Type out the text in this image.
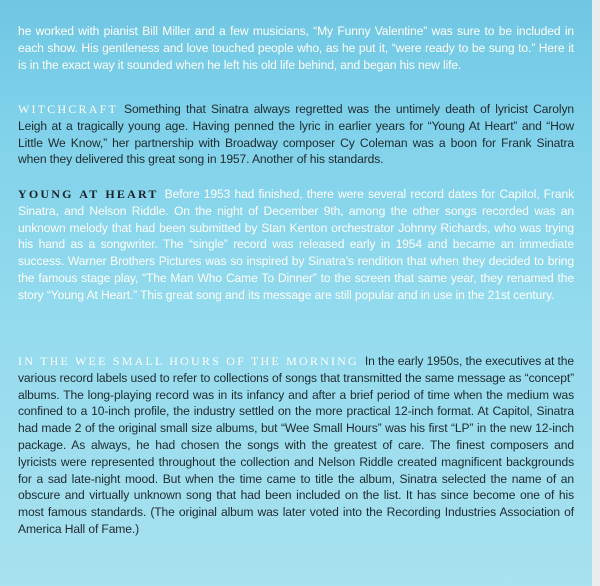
he worked with pianist Bill Miller and a few musicians, “My Funny Valentine” was sure to be included in each show. His gentleness and love touched people who, as he put it, “were ready to be sung to.” Here it is in the exact way it sounded when he left his old life behind, and began his new life.

WITCHCRAFT Something that Sinatra always regretted was the untimely death of lyricist Carolyn Leigh at a tragically young age. Having penned the lyric in earlier years for “Young At Heart” and “How Little We Know,” her partnership with Broadway composer Cy Coleman was a boon for Frank Sinatra when they delivered this great song in 1957. Another of his standards.

YOUNG AT HEART Before 1953 had finished, there were several record dates for Capitol, Frank Sinatra, and Nelson Riddle. On the night of December 9th, among the other songs recorded was an unknown melody that had been submitted by Stan Kenton orchestrator Johnny Richards, who was trying his hand as a songwriter. The “single” record was released early in 1954 and became an immediate success. Warner Brothers Pictures was so inspired by Sinatra’s rendition that when they decided to bring the famous stage play, “The Man Who Came To Dinner” to the screen that same year, they renamed the story “Young At Heart.” This great song and its message are still popular and in use in the 21st century.

IN THE WEE SMALL HOURS OF THE MORNING In the early 1950s, the executives at the various record labels used to refer to collections of songs that transmitted the same message as “concept” albums. The long-playing record was in its infancy and after a brief period of time when the medium was confined to a 10-inch profile, the industry settled on the more practical 12-inch format. At Capitol, Sinatra had made 2 of the original small size albums, but “Wee Small Hours” was his first “LP” in the new 12-inch package. As always, he had chosen the songs with the greatest of care. The finest composers and lyricists were represented throughout the collection and Nelson Riddle created magnificent backgrounds for a sad late-night mood. But when the time came to title the album, Sinatra selected the name of an obscure and virtually unknown song that had been included on the list. It has since become one of his most famous standards. (The original album was later voted into the Recording Industries Association of America Hall of Fame.)
